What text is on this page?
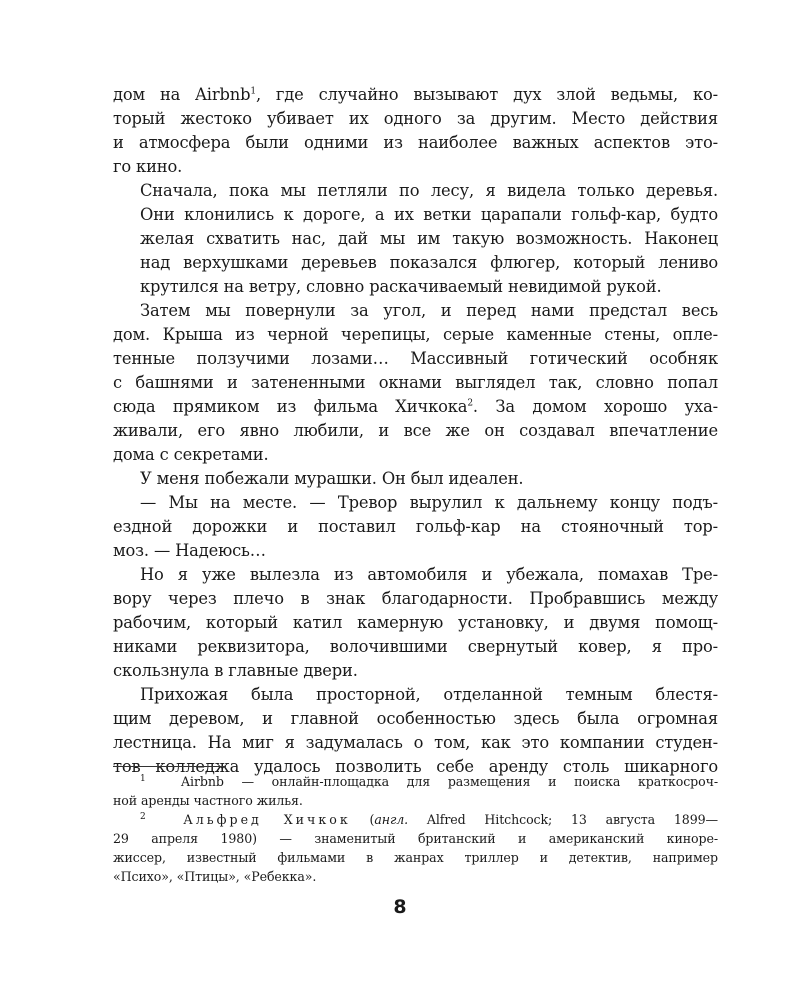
дом на Airbnb$^1$, где случайно вызывают дух злой ведьмы, ко-
торый жестоко убивает их одного за другим. Место действия
и атмосфера были одними из наиболее важных аспектов это-
го кино.

Сначала, пока мы петляли по лесу, я видела только деревья.
Они клонились к дороге, а их ветки царапали гольф-кар, будто
желая схватить нас, дай мы им такую возможность. Наконец
над верхушками деревьев показался флюгер, который лениво
крутился на ветру, словно раскачиваемый невидимой рукой.

Затем мы повернули за угол, и перед нами предстал весь
дом. Крыша из черной черепицы, серые каменные стены, опле-
тенные ползучими лозами… Массивный готический особняк
с башнями и затененными окнами выглядел так, словно попал
сюда прямиком из фильма Хичкока$^2$. За домом хорошо уха-
живали, его явно любили, и все же он создавал впечатление
дома с секретами.

У меня побежали мурашки. Он был идеален.

— Мы на месте. — Тревор вырулил к дальнему концу подъ-
ездной дорожки и поставил гольф-кар на стояночный тор-
моз. — Надеюсь…

Но я уже вылезла из автомобиля и убежала, помахав Тре-
вору через плечо в знак благодарности. Пробравшись между
рабочим, который катил камерную установку, и двумя помощ-
никами реквизитора, волочившими свернутый ковер, я про-
скользнула в главные двери.

Прихожая была просторной, отделанной темным блестя-
щим деревом, и главной особенностью здесь была огромная
лестница. На миг я задумалась о том, как это компании студен-
тов колледжа удалось позволить себе аренду столь шикарного

$^1$	Airbnb — онлайн-площадка для размещения и поиска краткосроч-
ной аренды частного жилья.
$^2$	Альфред Хичкок (англ. Alfred Hitchcock; 13 августа 1899—
29 апреля 1980) — знаменитый британский и американский киноре-
жиссер, известный фильмами в жанрах триллер и детектив, например
«Психо», «Птицы», «Ребекка».
8
